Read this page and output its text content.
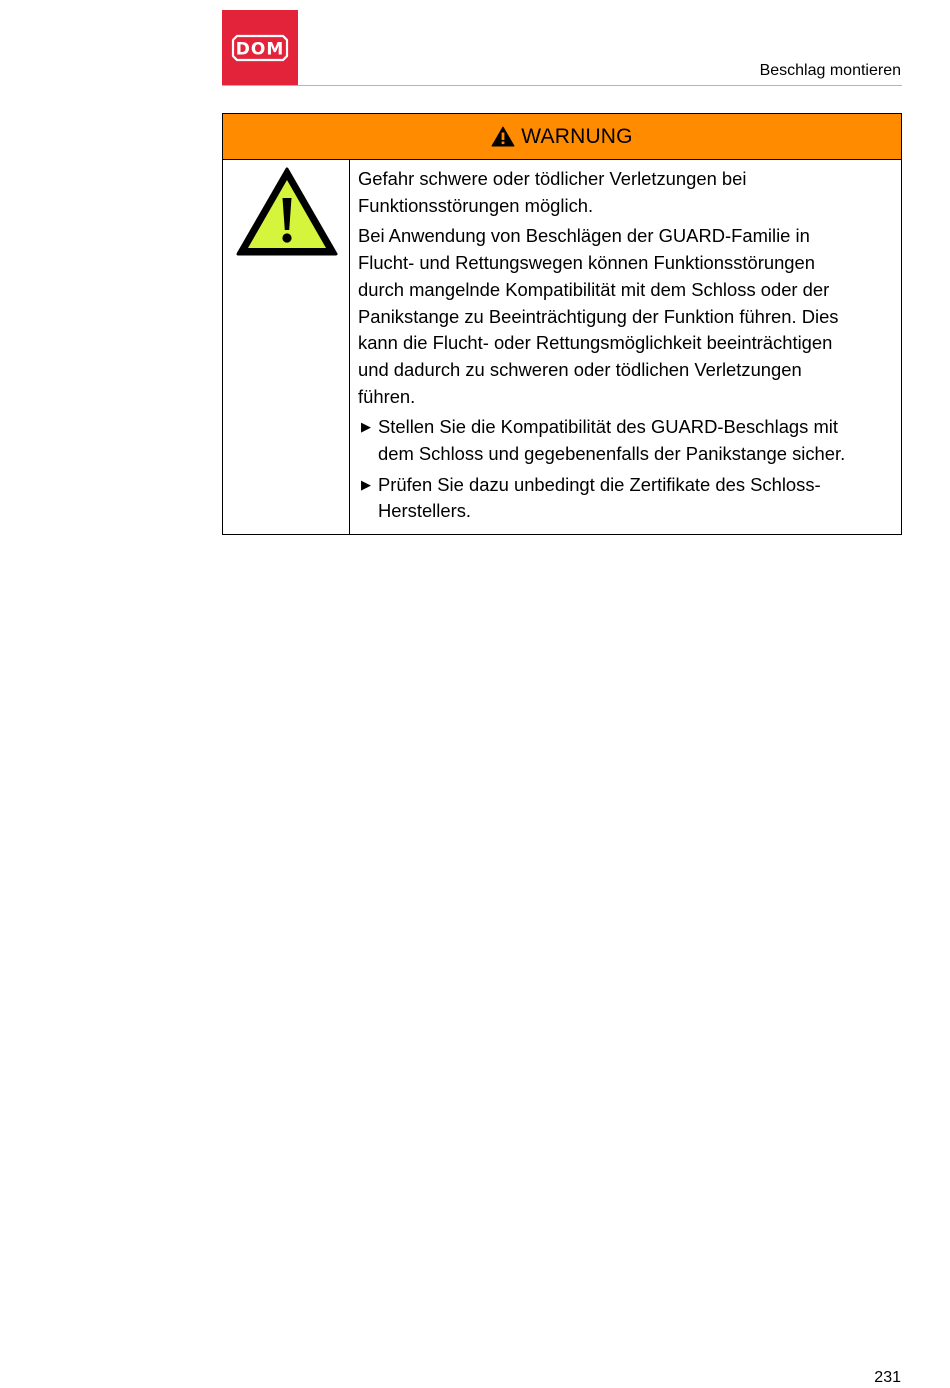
DOM
Beschlag montieren
WARNUNG

Gefahr schwere oder tödlicher Verletzungen bei
Funktionsstörungen möglich.

Bei Anwendung von Beschlägen der GUARD-Familie in
Flucht- und Rettungswegen können Funktionsstörungen
durch mangelnde Kompatibilität mit dem Schloss oder der
Panikstange zu Beeinträchtigung der Funktion führen. Dies
kann die Flucht- oder Rettungsmöglichkeit beeinträchtigen
und dadurch zu schweren oder tödlichen Verletzungen
führen.

▶ Stellen Sie die Kompatibilität des GUARD-Beschlags mit
dem Schloss und gegebenenfalls der Panikstange sicher.
▶ Prüfen Sie dazu unbedingt die Zertifikate des Schloss-
Herstellers.
231
